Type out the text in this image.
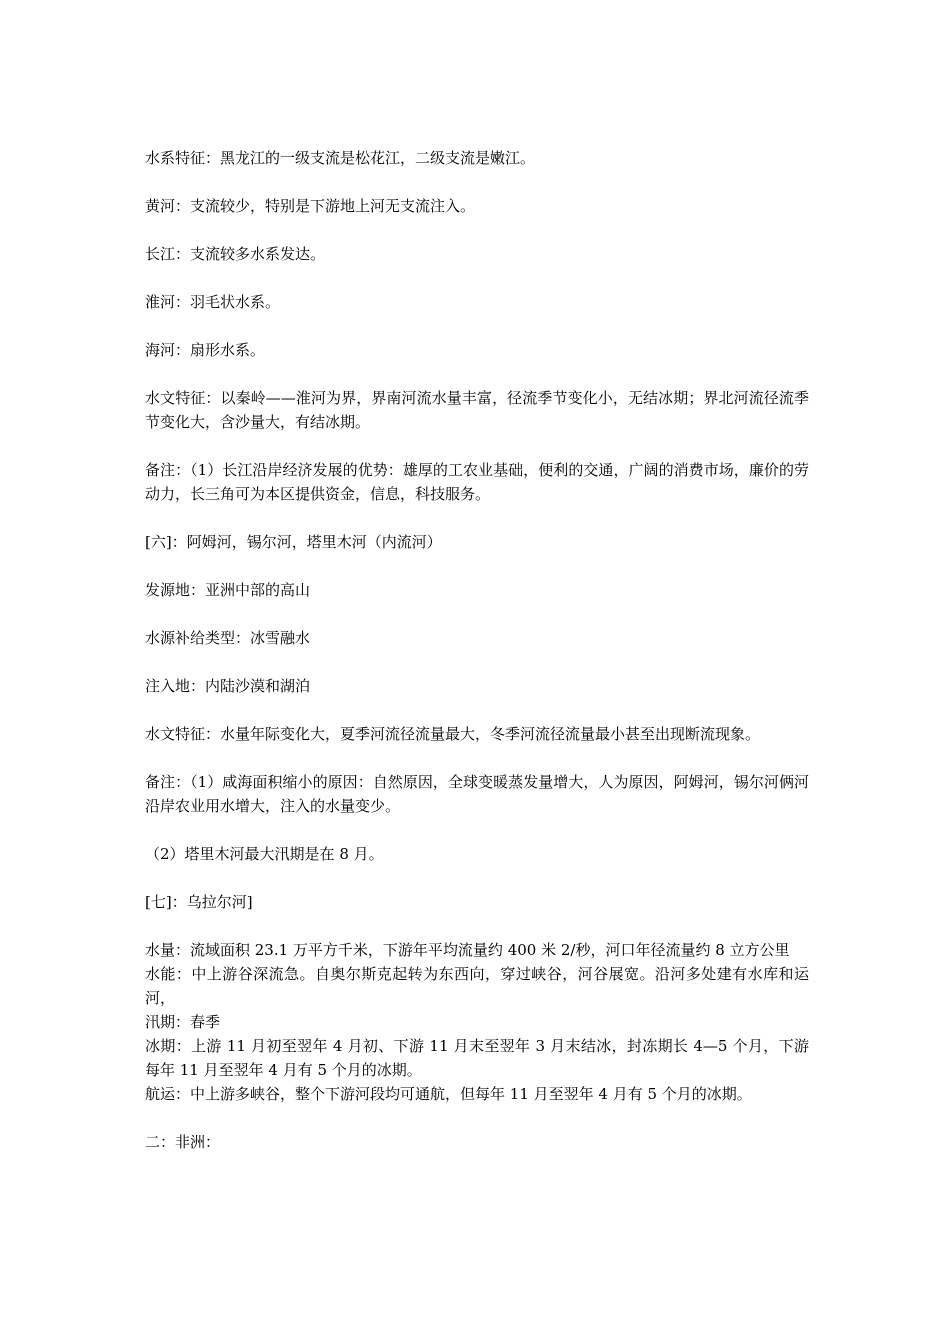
水系特征：黑龙江的一级支流是松花江，二级支流是嫩江。

黄河：支流较少，特别是下游地上河无支流注入。

长江：支流较多水系发达。

淮河：羽毛状水系。

海河：扇形水系。

水文特征：以秦岭——淮河为界，界南河流水量丰富，径流季节变化小，无结冰期；界北河流径流季节变化大，含沙量大，有结冰期。

备注：（1）长江沿岸经济发展的优势：雄厚的工农业基础，便利的交通，广阔的消费市场，廉价的劳动力，长三角可为本区提供资金，信息，科技服务。

[六]：阿姆河，锡尔河，塔里木河（内流河）

发源地：亚洲中部的高山

水源补给类型：冰雪融水

注入地：内陆沙漠和湖泊

水文特征：水量年际变化大，夏季河流径流量最大，冬季河流径流量最小甚至出现断流现象。

备注：（1）咸海面积缩小的原因：自然原因，全球变暖蒸发量增大，人为原因，阿姆河，锡尔河俩河沿岸农业用水增大，注入的水量变少。

（2）塔里木河最大汛期是在 8 月。

[七]：乌拉尔河]

水量：流域面积 23.1 万平方千米，下游年平均流量约 400 米 2/秒，河口年径流量约 8 立方公里

水能：中上游谷深流急。自奥尔斯克起转为东西向，穿过峡谷，河谷展宽。沿河多处建有水库和运河，

汛期：春季

冰期：上游 11 月初至翌年 4 月初、下游 11 月末至翌年 3 月末结冰，封冻期长 4—5 个月，下游每年 11 月至翌年 4 月有 5 个月的冰期。

航运：中上游多峡谷，整个下游河段均可通航，但每年 11 月至翌年 4 月有 5 个月的冰期。

二：非洲：
